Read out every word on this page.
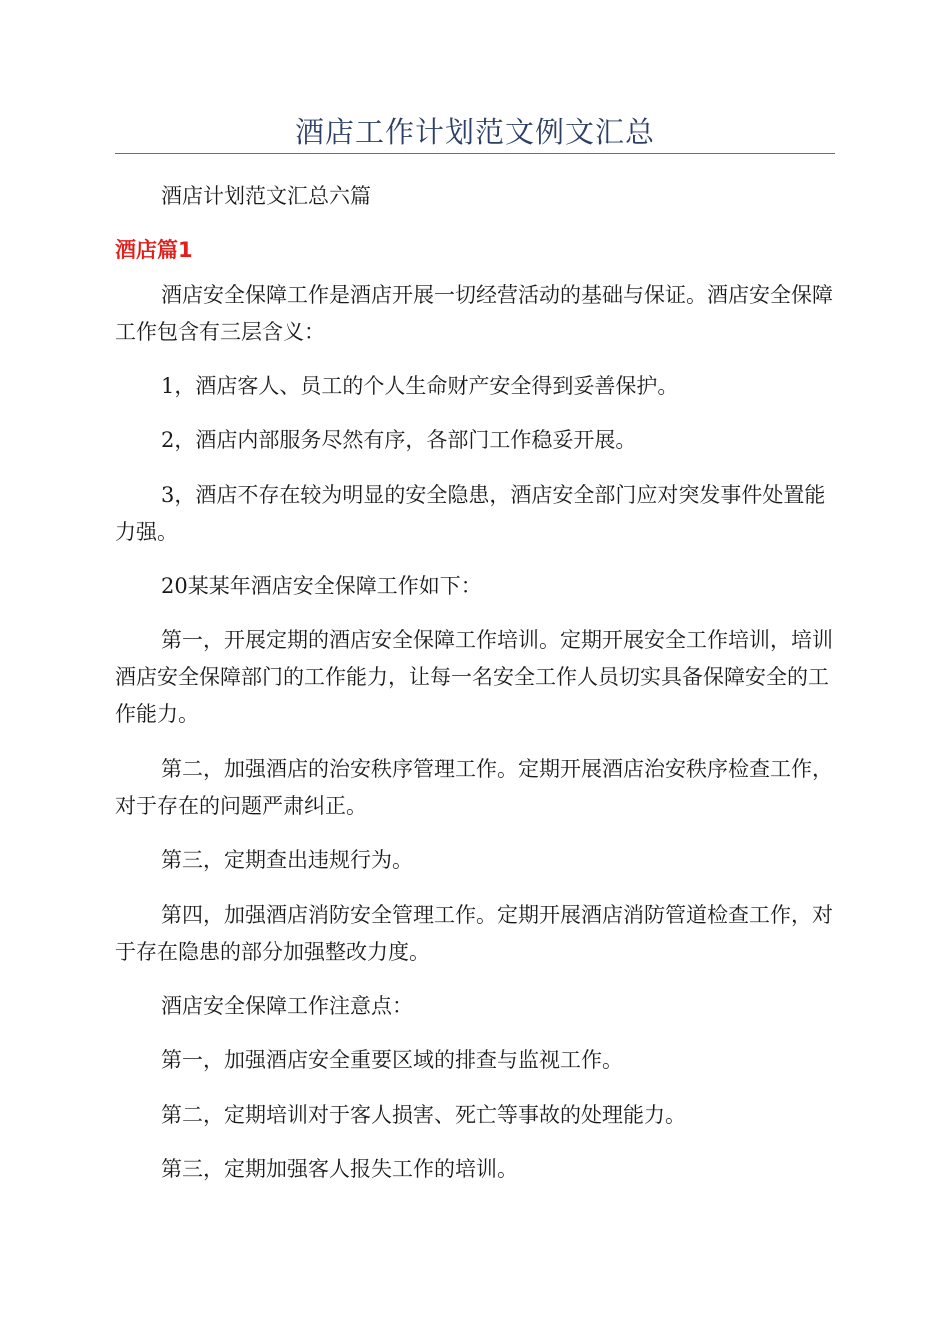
酒店工作计划范文例文汇总

酒店计划范文汇总六篇

酒店篇1

酒店安全保障工作是酒店开展一切经营活动的基础与保证。酒店安全保障工作包含有三层含义：

1，酒店客人、员工的个人生命财产安全得到妥善保护。

2，酒店内部服务尽然有序，各部门工作稳妥开展。

3，酒店不存在较为明显的安全隐患，酒店安全部门应对突发事件处置能力强。

20某某年酒店安全保障工作如下：

第一，开展定期的酒店安全保障工作培训。定期开展安全工作培训，培训酒店安全保障部门的工作能力，让每一名安全工作人员切实具备保障安全的工作能力。

第二，加强酒店的治安秩序管理工作。定期开展酒店治安秩序检查工作，对于存在的问题严肃纠正。

第三，定期查出违规行为。

第四，加强酒店消防安全管理工作。定期开展酒店消防管道检查工作，对于存在隐患的部分加强整改力度。

酒店安全保障工作注意点：

第一，加强酒店安全重要区域的排查与监视工作。

第二，定期培训对于客人损害、死亡等事故的处理能力。

第三，定期加强客人报失工作的培训。
